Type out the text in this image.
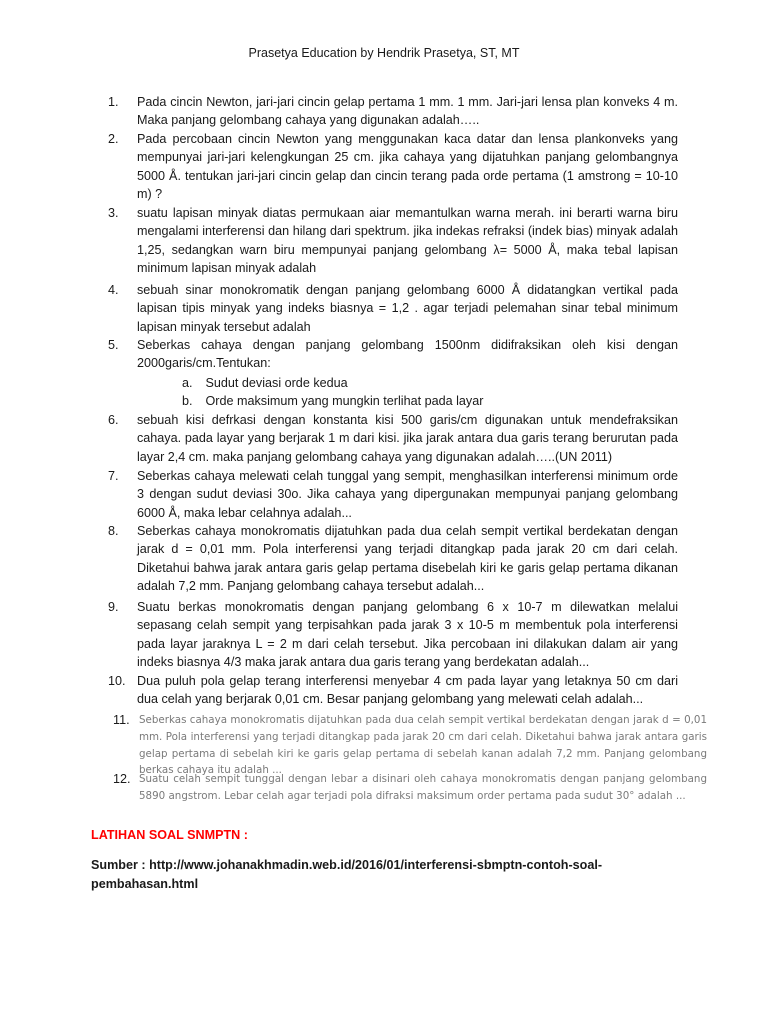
Prasetya Education by Hendrik Prasetya, ST, MT
1.	Pada cincin Newton, jari-jari cincin gelap pertama 1 mm. 1 mm. Jari-jari lensa plan konveks 4 m. Maka panjang gelombang cahaya yang digunakan adalah…..
2.	Pada percobaan cincin Newton yang menggunakan kaca datar dan lensa plankonveks yang mempunyai jari-jari kelengkungan 25 cm. jika cahaya yang dijatuhkan panjang gelombangnya 5000 Å. tentukan jari-jari cincin gelap dan cincin terang pada orde pertama (1 amstrong = 10-10 m) ?
3.	suatu lapisan minyak diatas permukaan aiar memantulkan warna merah. ini berarti warna biru mengalami interferensi dan hilang dari spektrum. jika indekas refraksi (indek bias) minyak adalah 1,25, sedangkan warn biru mempunyai panjang gelombang λ= 5000 Å, maka tebal lapisan minimum lapisan minyak adalah
4.	sebuah sinar monokromatik dengan panjang gelombang 6000 Å didatangkan vertikal pada lapisan tipis minyak yang indeks biasnya = 1,2 . agar terjadi pelemahan sinar tebal minimum lapisan minyak tersebut adalah
5.	Seberkas cahaya dengan panjang gelombang 1500nm didifraksikan oleh kisi dengan 2000garis/cm.Tentukan:
a. Sudut deviasi orde kedua
b. Orde maksimum yang mungkin terlihat pada layar
6.	sebuah kisi defrkasi dengan konstanta kisi 500 garis/cm digunakan untuk mendefraksikan cahaya. pada layar yang berjarak 1 m dari kisi. jika jarak antara dua garis terang berurutan pada layar 2,4 cm. maka panjang gelombang cahaya yang digunakan adalah…..(UN 2011)
7.	Seberkas cahaya melewati celah tunggal yang sempit, menghasilkan interferensi minimum orde 3 dengan sudut deviasi 30o. Jika cahaya yang dipergunakan mempunyai panjang gelombang 6000 Å, maka lebar celahnya adalah...
8.	Seberkas cahaya monokromatis dijatuhkan pada dua celah sempit vertikal berdekatan dengan jarak d = 0,01 mm. Pola interferensi yang terjadi ditangkap pada jarak 20 cm dari celah. Diketahui bahwa jarak antara garis gelap pertama disebelah kiri ke garis gelap pertama dikanan adalah 7,2 mm. Panjang gelombang cahaya tersebut adalah...
9.	Suatu berkas monokromatis dengan panjang gelombang 6 x 10-7 m dilewatkan melalui sepasang celah sempit yang terpisahkan pada jarak 3 x 10-5 m membentuk pola interferensi pada layar jaraknya L = 2 m dari celah tersebut. Jika percobaan ini dilakukan dalam air yang indeks biasnya 4/3 maka jarak antara dua garis terang yang berdekatan adalah...
10. Dua puluh pola gelap terang interferensi menyebar 4 cm pada layar yang letaknya 50 cm dari dua celah yang berjarak 0,01 cm. Besar panjang gelombang yang melewati celah adalah...
11. Seberkas cahaya monokromatis dijatuhkan pada dua celah sempit vertikal berdekatan dengan jarak d = 0,01 mm. Pola interferensi yang terjadi ditangkap pada jarak 20 cm dari celah. Diketahui bahwa jarak antara garis gelap pertama di sebelah kiri ke garis gelap pertama di sebelah kanan adalah 7,2 mm. Panjang gelombang berkas cahaya itu adalah ...
12. Suatu celah sempit tunggal dengan lebar a disinari oleh cahaya monokromatis dengan panjang gelombang 5890 angstrom. Lebar celah agar terjadi pola difraksi maksimum order pertama pada sudut 30° adalah ...
LATIHAN SOAL SNMPTN :
Sumber : http://www.johanakhmadin.web.id/2016/01/interferensi-sbmptn-contoh-soal-pembahasan.html
